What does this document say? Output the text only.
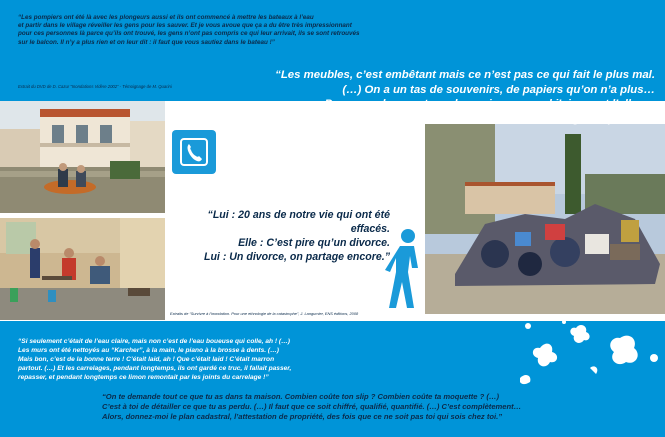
“Les pompiers ont été là avec les plongeurs aussi et ils ont commencé à mettre les bateaux à l’eau
et partir dans le village réveiller les gens pour les sauver. Et je vous avoue que ça a du être très impressionnant
pour ces personnes là parce qu’ils ont trouvé, les gens n’ont pas compris ce qui leur arrivait, ils se sont retrouvés
sur le balcon. Il n’y a plus rien et on leur dit : il faut que vous sautiez dans le bateau !”
Extrait du DVD de D. Cazur “Inondations Vidère 2002” - Témoignage de M. Quarini
“Lui : 20 ans de notre vie qui ont été effacés.
Elle : C’est pire qu’un divorce.
Lui : Un divorce, on partage encore.”
Extraits de “Survivre à l’inondation. Pour une ethnologie de la catastrophe”, J. Langumier, ENS éditions, 2008
“Les meubles, c’est embêtant mais ce n’est pas ce qui fait le plus mal.
(…) On a un tas de souvenirs, de papiers qu’on n’a plus…
Parce que le reportage du mariage, quand j’ai ouvert l’album,
il n’y avait plus rien, c’était tout blanc, le limon avait mangé les photos.”
“Si seulement c’était de l’eau claire, mais non c’est de l’eau boueuse qui colle, ah ! (…)
Les murs ont été nettoyés au “Karcher”, à la main, le piano à la brosse à dents. (…)
Mais bon, c’est de la bonne terre ! C’était laid, ah ! Que c’était laid ! C’était marron
partout. (…) Et les carrelages, pendant longtemps, ils ont gardé ce truc, il fallait passer,
repasser, et pendant longtemps ce limon remontait par les joints du carrelage !”
“On te demande tout ce que tu as dans ta maison. Combien coûte ton slip ? Combien coûte ta moquette ? (…)
C’est à toi de détailler ce que tu as perdu. (…) Il faut que ce soit chiffré, qualifié, quantifié. (…) C’est complètement…
Alors, donnez-moi le plan cadastral, l’attestation de propriété, des fois que ce ne soit pas toi qui sois chez toi.”
